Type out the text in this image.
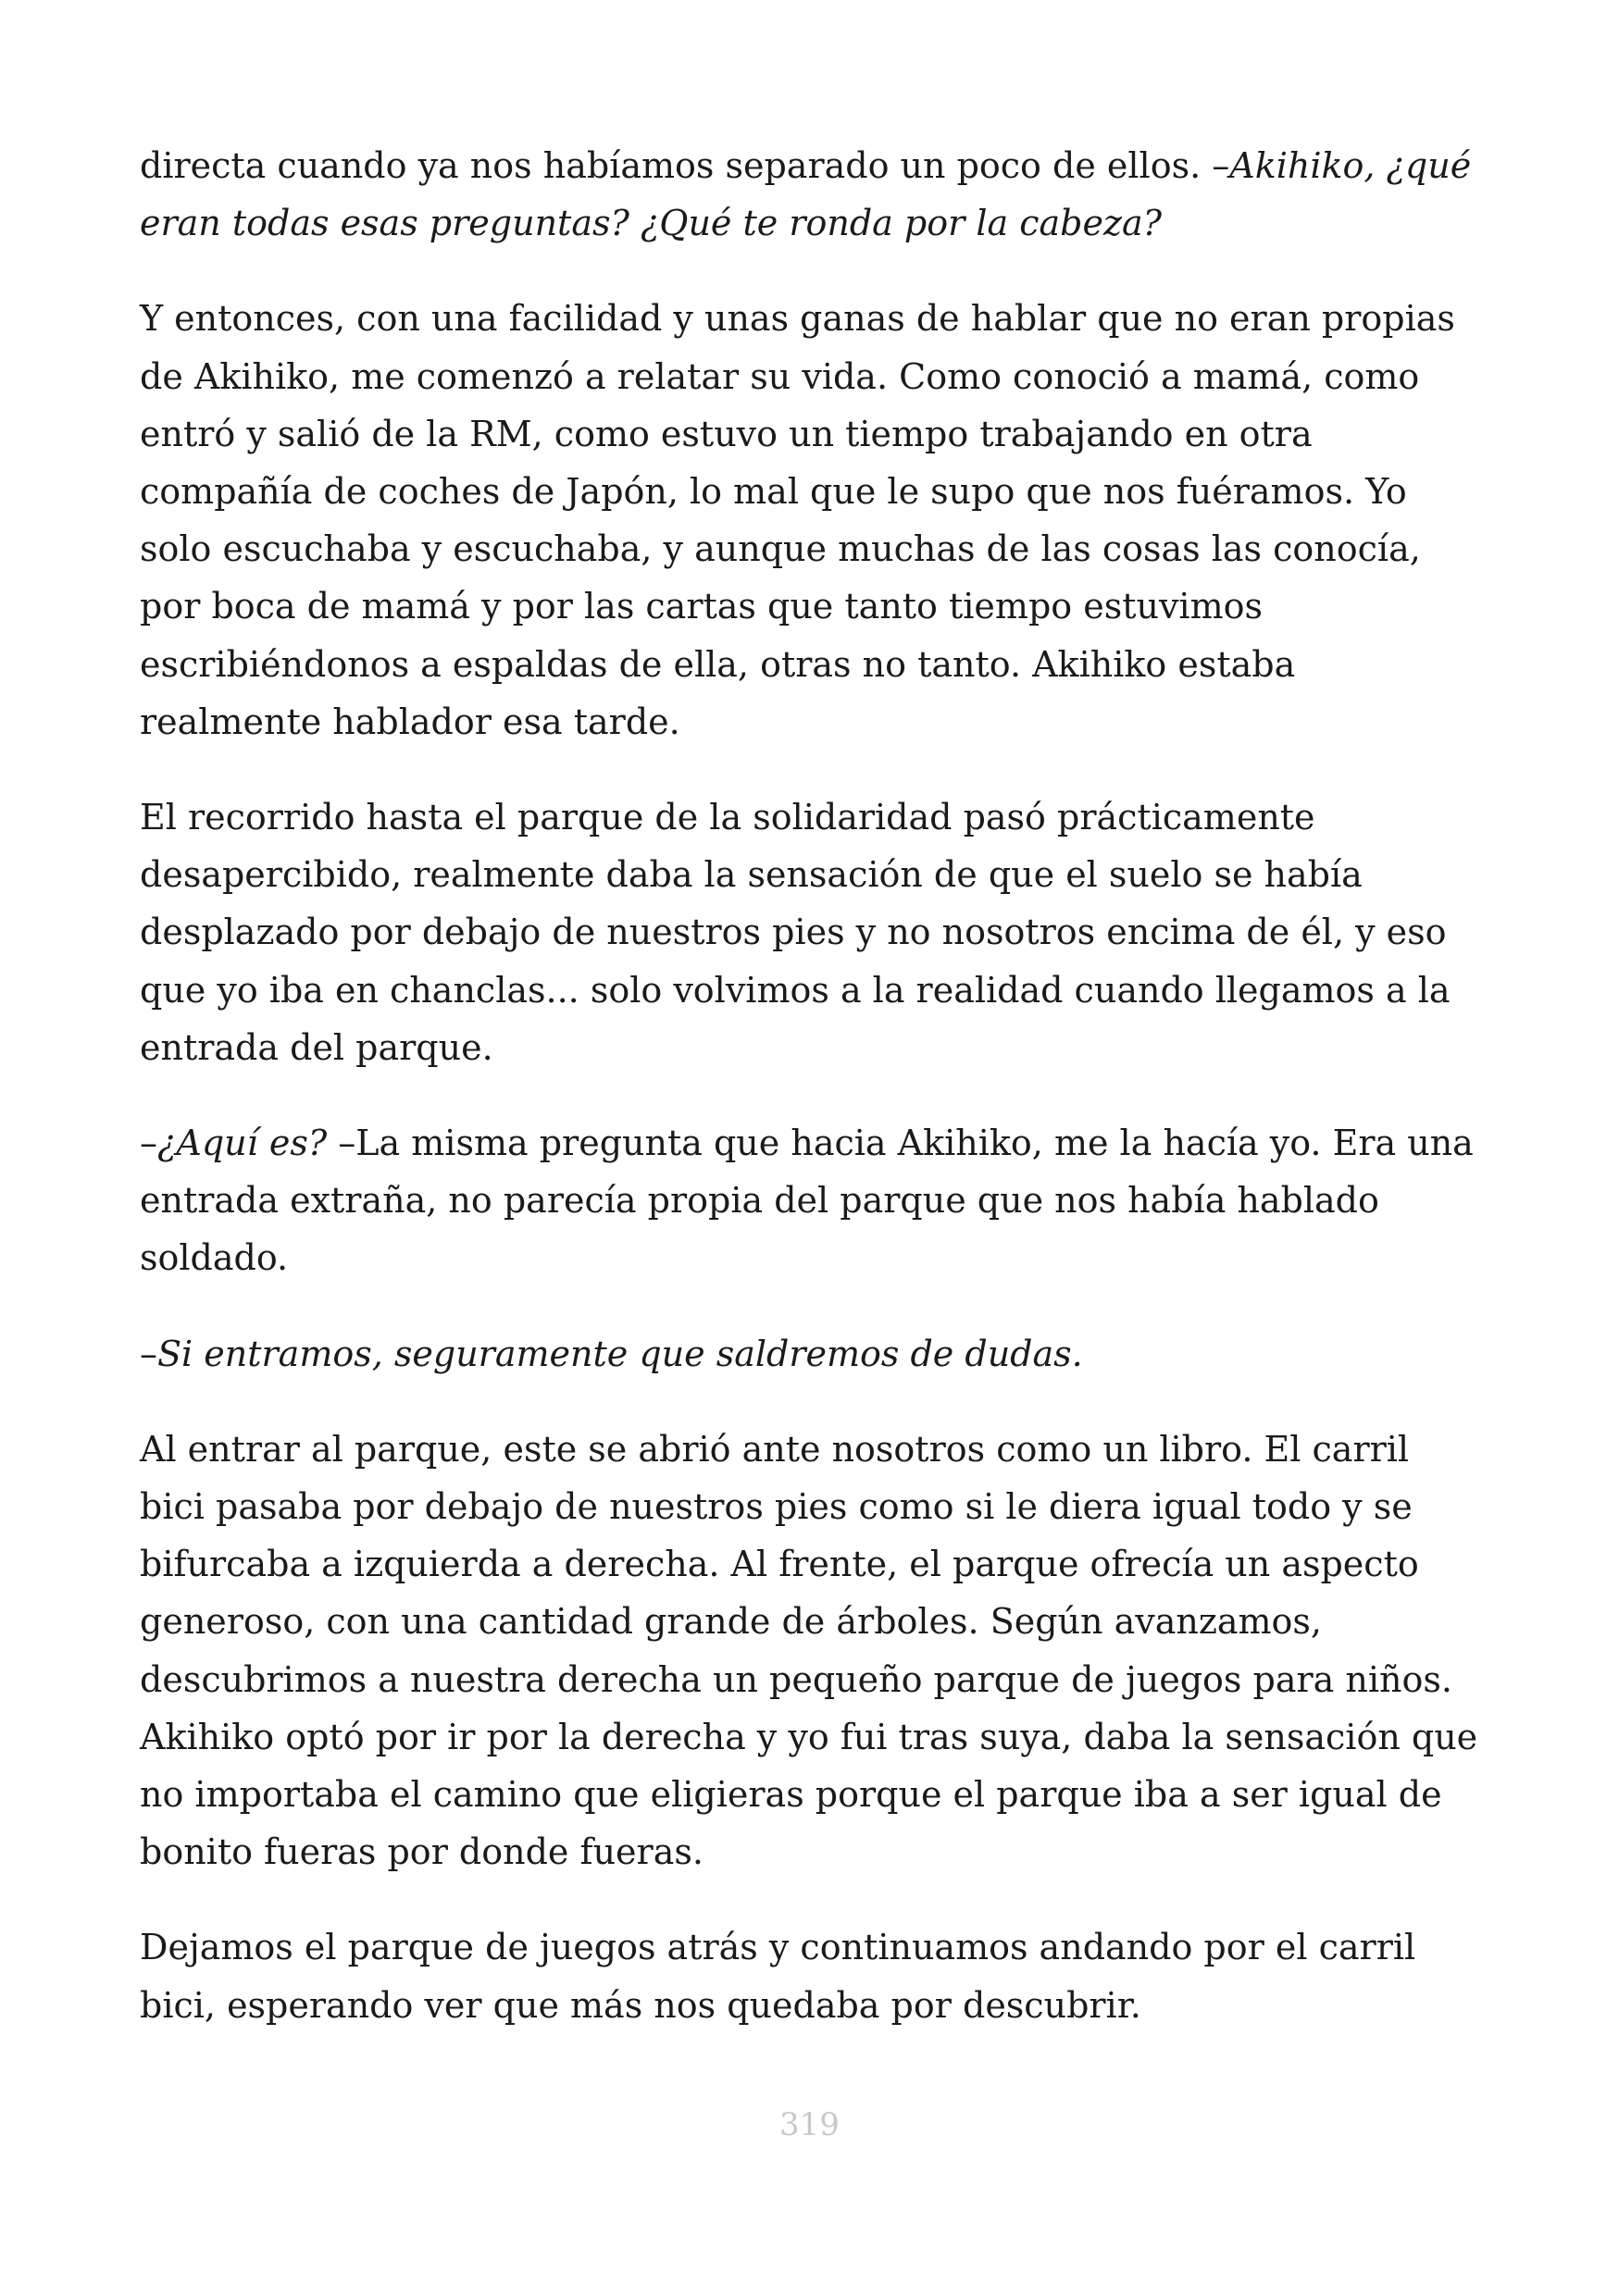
directa cuando ya nos habíamos separado un poco de ellos. –Akihiko, ¿qué
eran todas esas preguntas? ¿Qué te ronda por la cabeza?

Y entonces, con una facilidad y unas ganas de hablar que no eran propias
de Akihiko, me comenzó a relatar su vida. Como conoció a mamá, como
entró y salió de la RM, como estuvo un tiempo trabajando en otra
compañía de coches de Japón, lo mal que le supo que nos fuéramos. Yo
solo escuchaba y escuchaba, y aunque muchas de las cosas las conocía,
por boca de mamá y por las cartas que tanto tiempo estuvimos
escribiéndonos a espaldas de ella, otras no tanto. Akihiko estaba
realmente hablador esa tarde.

El recorrido hasta el parque de la solidaridad pasó prácticamente
desapercibido, realmente daba la sensación de que el suelo se había
desplazado por debajo de nuestros pies y no nosotros encima de él, y eso
que yo iba en chanclas... solo volvimos a la realidad cuando llegamos a la
entrada del parque.

–¿Aquí es? –La misma pregunta que hacia Akihiko, me la hacía yo. Era una
entrada extraña, no parecía propia del parque que nos había hablado
soldado.

–Si entramos, seguramente que saldremos de dudas.

Al entrar al parque, este se abrió ante nosotros como un libro. El carril
bici pasaba por debajo de nuestros pies como si le diera igual todo y se
bifurcaba a izquierda a derecha. Al frente, el parque ofrecía un aspecto
generoso, con una cantidad grande de árboles. Según avanzamos,
descubrimos a nuestra derecha un pequeño parque de juegos para niños.
Akihiko optó por ir por la derecha y yo fui tras suya, daba la sensación que
no importaba el camino que eligieras porque el parque iba a ser igual de
bonito fueras por donde fueras.

Dejamos el parque de juegos atrás y continuamos andando por el carril
bici, esperando ver que más nos quedaba por descubrir.

319
